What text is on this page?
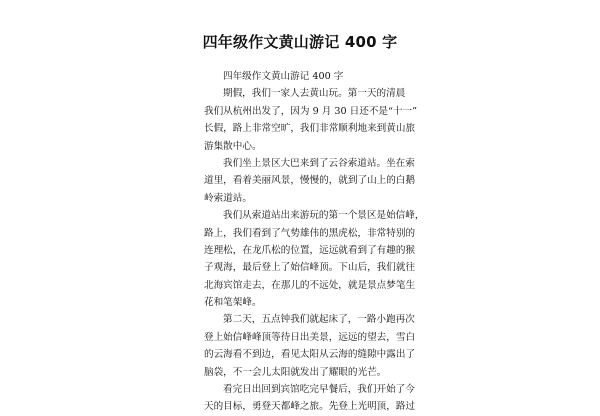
四年级作文黄山游记 400 字
四年级作文黄山游记 400 字
期假，我们一家人去黄山玩。第一天的清晨
我们从杭州出发了，因为 9 月 30 日还不是“十一”
长假，路上非常空旷，我们非常顺利地来到黄山旅
游集散中心。
我们坐上景区大巴来到了云谷索道站。坐在索
道里，看着美丽风景，慢慢的，就到了山上的白鹅
岭索道站。
我们从索道站出来游玩的第一个景区是始信峰，
路上，我们看到了气势雄伟的黑虎松，非常特别的
连理松，在龙爪松的位置，远远就看到了有趣的猴
子观海，最后登上了始信峰顶。下山后，我们就往
北海宾馆走去，在那儿的不远处，就是景点梦笔生
花和笔架峰。
第二天，五点钟我们就起床了，一路小跑再次
登上始信峰峰顶等待日出美景，远远的望去，雪白
的云海看不到边，看见太阳从云海的缝隙中露出了
脑袋，不一会儿太阳就发出了耀眼的光芒。
看完日出回到宾馆吃完早餐后，我们开始了今
天的目标，勇登天都峰之旅。先登上光明顶，路过
